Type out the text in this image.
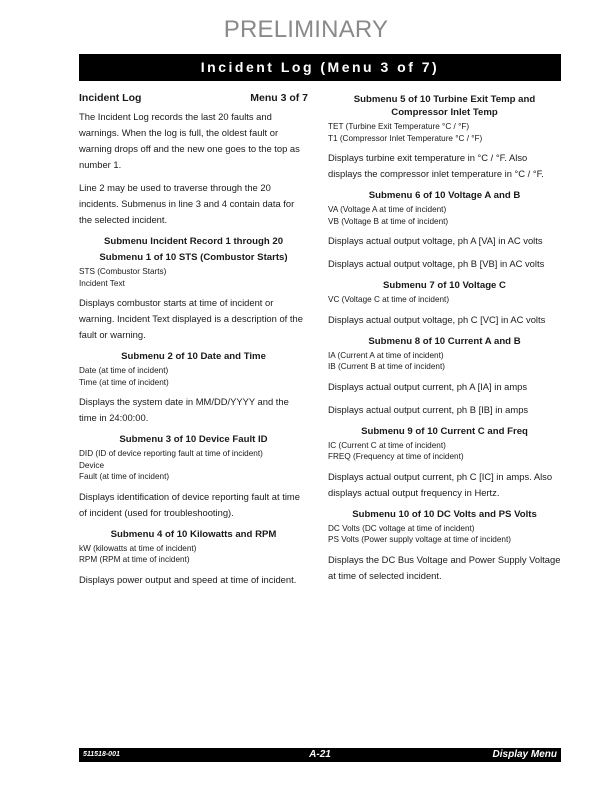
PRELIMINARY
Incident Log (Menu 3 of 7)
Incident Log	Menu 3 of 7

The Incident Log records the last 20 faults and warnings. When the log is full, the oldest fault or warning drops off and the new one goes to the top as number 1.

Line 2 may be used to traverse through the 20 incidents. Submenus in line 3 and 4 contain data for the selected incident.

Submenu Incident Record 1 through 20
Submenu 1 of 10 STS (Combustor Starts)
STS (Combustor Starts)
Incident Text

Displays combustor starts at time of incident or warning. Incident Text displayed is a description of the fault or warning.

Submenu 2 of 10 Date and Time
Date (at time of incident)
Time (at time of incident)

Displays the system date in MM/DD/YYYY and the time in 24:00:00.

Submenu 3 of 10 Device Fault ID
DID (ID of device reporting fault at time of incident)
Device
Fault (at time of incident)

Displays identification of device reporting fault at time of incident (used for troubleshooting).

Submenu 4 of 10 Kilowatts and RPM
kW (kilowatts at time of incident)
RPM (RPM at time of incident)

Displays power output and speed at time of incident.

Submenu 5 of 10 Turbine Exit Temp and Compressor Inlet Temp
TET (Turbine Exit Temperature °C / °F)
T1 (Compressor Inlet Temperature °C / °F)

Displays turbine exit temperature in °C / °F. Also displays the compressor inlet temperature in °C / °F.

Submenu 6 of 10 Voltage A and B
VA (Voltage A at time of incident)
VB (Voltage B at time of incident)

Displays actual output voltage, ph A [VA] in AC volts

Displays actual output voltage, ph B [VB] in AC volts

Submenu 7 of 10 Voltage C
VC (Voltage C at time of incident)

Displays actual output voltage, ph C [VC] in AC volts

Submenu 8 of 10 Current A and B
IA (Current A at time of incident)
IB (Current B at time of incident)

Displays actual output current, ph A [IA] in amps

Displays actual output current, ph B [IB] in amps

Submenu 9 of 10 Current C and Freq
IC (Current C at time of incident)
FREQ (Frequency at time of incident)

Displays actual output current, ph C [IC] in amps. Also displays actual output frequency in Hertz.

Submenu 10 of 10 DC Volts and PS Volts
DC Volts (DC voltage at time of incident)
PS Volts (Power supply voltage at time of incident)

Displays the DC Bus Voltage and Power Supply Voltage at time of selected incident.

511518-001	A-21	Display Menu
